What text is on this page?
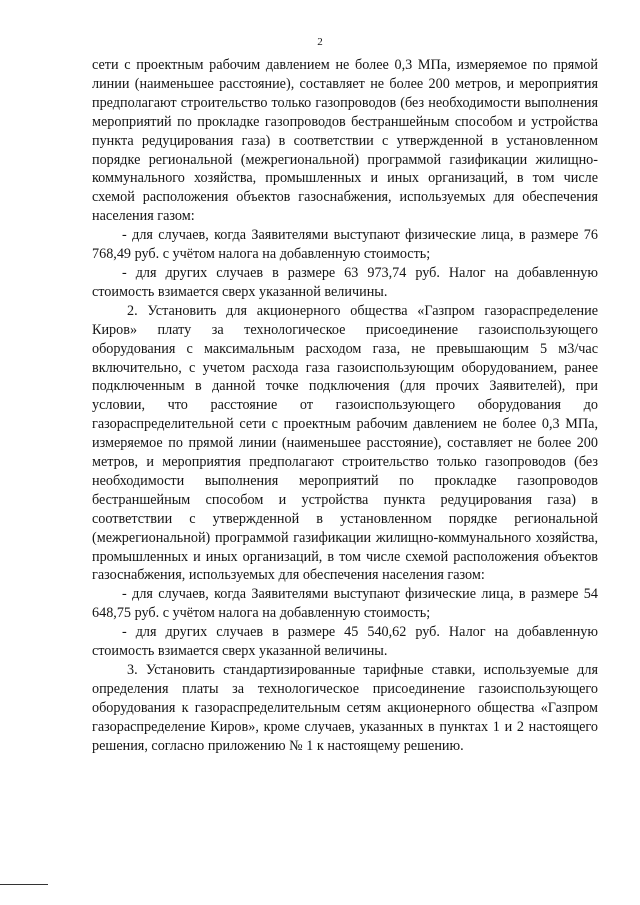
2

сети с проектным рабочим давлением не более 0,3 МПа, измеряемое по прямой линии (наименьшее расстояние), составляет не более 200 метров, и мероприятия предполагают строительство только газопроводов (без необходимости выполнения мероприятий по прокладке газопроводов бестраншейным способом и устройства пункта редуцирования газа) в соответствии с утвержденной в установленном порядке региональной (межрегиональной) программой газификации жилищно-коммунального хозяйства, промышленных и иных организаций, в том числе схемой расположения объектов газоснабжения, используемых для обеспечения населения газом:

- для случаев, когда Заявителями выступают физические лица, в размере 76 768,49 руб. с учётом налога на добавленную стоимость;

- для других случаев в размере 63 973,74 руб. Налог на добавленную стоимость взимается сверх указанной величины.

2. Установить для акционерного общества «Газпром газораспределение Киров» плату за технологическое присоединение газоиспользующего оборудования с максимальным расходом газа, не превышающим 5 м3/час включительно, с учетом расхода газа газоиспользующим оборудованием, ранее подключенным в данной точке подключения (для прочих Заявителей), при условии, что расстояние от газоиспользующего оборудования до газораспределительной сети с проектным рабочим давлением не более 0,3 МПа, измеряемое по прямой линии (наименьшее расстояние), составляет не более 200 метров, и мероприятия предполагают строительство только газопроводов (без необходимости выполнения мероприятий по прокладке газопроводов бестраншейным способом и устройства пункта редуцирования газа) в соответствии с утвержденной в установленном порядке региональной (межрегиональной) программой газификации жилищно-коммунального хозяйства, промышленных и иных организаций, в том числе схемой расположения объектов газоснабжения, используемых для обеспечения населения газом:

- для случаев, когда Заявителями выступают физические лица, в размере 54 648,75 руб. с учётом налога на добавленную стоимость;

- для других случаев в размере 45 540,62 руб. Налог на добавленную стоимость взимается сверх указанной величины.

3. Установить стандартизированные тарифные ставки, используемые для определения платы за технологическое присоединение газоиспользующего оборудования к газораспределительным сетям акционерного общества «Газпром газораспределение Киров», кроме случаев, указанных в пунктах 1 и 2 настоящего решения, согласно приложению № 1 к настоящему решению.
